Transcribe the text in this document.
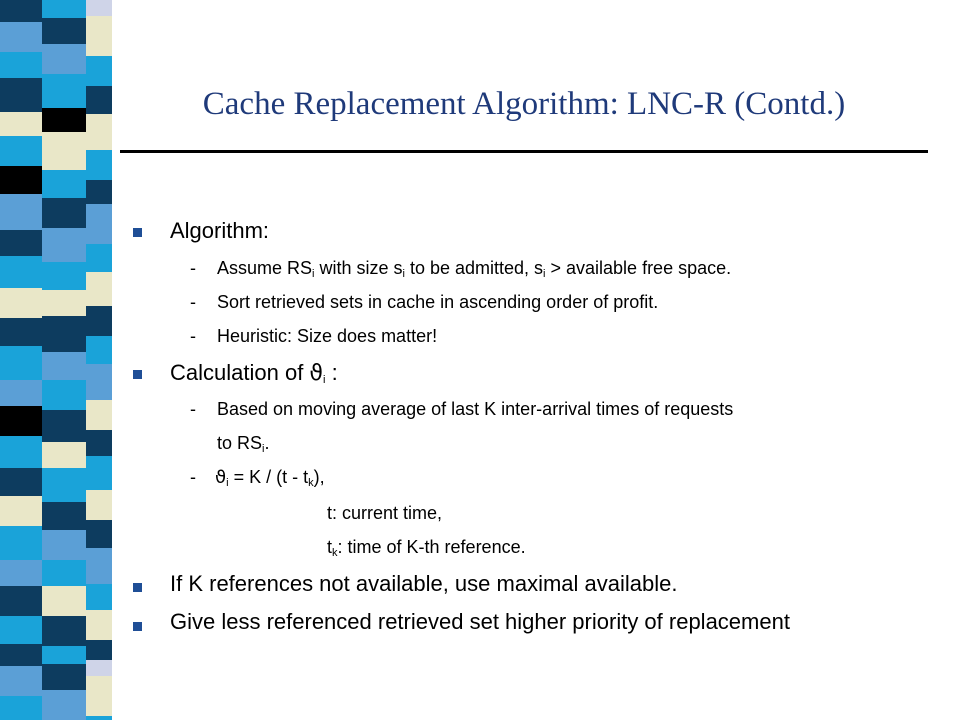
Cache Replacement Algorithm: LNC-R (Contd.)
Algorithm:
- Assume $RS_i$ with size $s_i$ to be admitted, $s_i$ > available free space.
- Sort retrieved sets in cache in ascending order of profit.
- Heuristic: Size does matter!
Calculation of $ϑ_i$ :
- Based on moving average of last K inter-arrival times of requests
to $RS_i$.
- $ϑ_i = K / (t - t_k)$,
t: current time,
$t_k$: time of K-th reference.
If K references not available, use maximal available.
Give less referenced retrieved set higher priority of replacement
